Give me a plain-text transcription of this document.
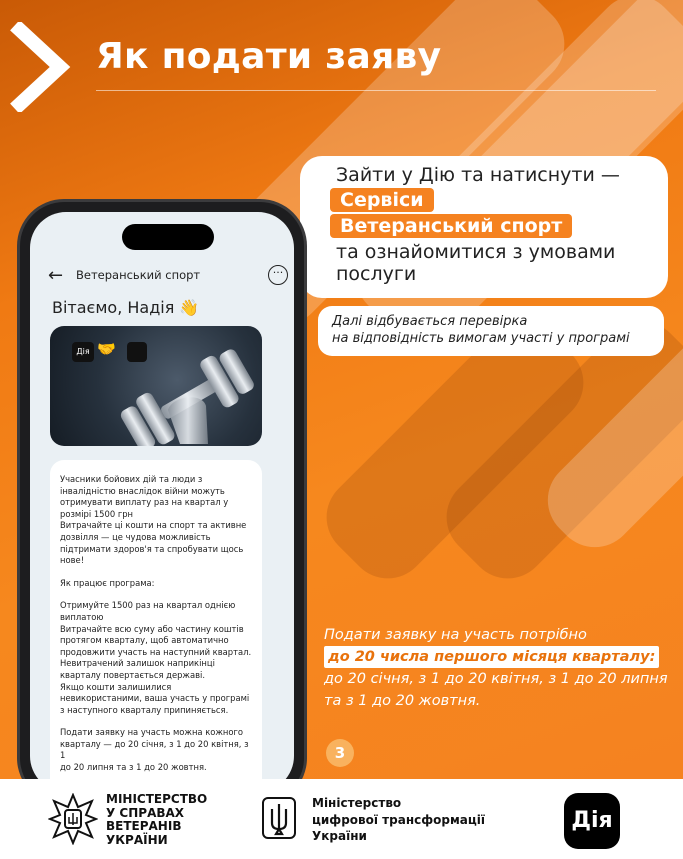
Як подати заяву
Зайти у Дію та натиснути —
Сервіси
Ветеранський спорт
та ознайомитися з умовами
послуги
Далі відбувається перевірка
на відповідність вимогам участі у програмі
←	Ветеранський спорт	···
Вітаємо, Надія 👋
Дія 🤝

Учасники бойових дій та люди з
інвалідністю внаслідок війни можуть
отримувати виплату раз на квартал у
розмірі 1500 грн
Витрачайте ці кошти на спорт та активне
дозвілля — це чудова можливість
підтримати здоров'я та спробувати щось
нове!

Як працює програма:

Отримуйте 1500 раз на квартал однією
виплатою
Витрачайте всю суму або частину коштів
протягом кварталу, щоб автоматично
продовжити участь на наступний квартал.
Невитрачений залишок наприкінці
кварталу повертається державі.
Якщо кошти залишилися
невикористаними, ваша участь у програмі
з наступного кварталу припиняється.

Подати заявку на участь можна кожного
кварталу — до 20 січня, з 1 до 20 квітня, з 1
до 20 липня та з 1 до 20 жовтня.

Подати заявку на участь потрібно
до 20 числа першого місяця кварталу:
до 20 січня, з 1 до 20 квітня, з 1 до 20 липня
та з 1 до 20 жовтня.
3
МІНІСТЕРСТВО
У СПРАВАХ
ВЕТЕРАНІВ
УКРАЇНИ
Міністерство
цифрової трансформації
України
Дія
